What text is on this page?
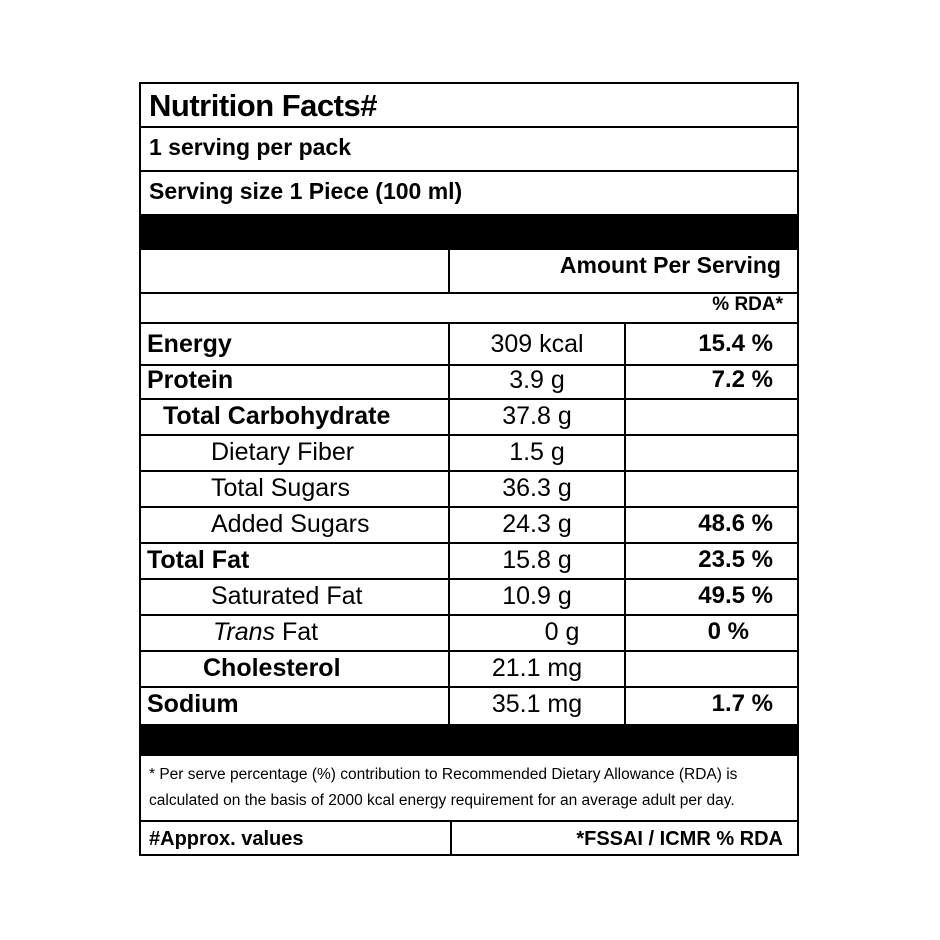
Nutrition Facts#
1 serving per pack
Serving size 1 Piece (100 ml)
Amount Per Serving
% RDA*
Energy	309 kcal	15.4 %
Protein	3.9 g	7.2 %
Total Carbohydrate	37.8 g
Dietary Fiber	1.5 g
Total Sugars	36.3 g
Added Sugars	24.3 g	48.6 %
Total Fat	15.8 g	23.5 %
Saturated Fat	10.9 g	49.5 %
Trans Fat	0 g	0 %
Cholesterol	21.1 mg
Sodium	35.1 mg	1.7 %
* Per serve percentage (%) contribution to Recommended Dietary Allowance (RDA) is calculated on the basis of 2000 kcal energy requirement for an average adult per day.
#Approx. values	*FSSAI / ICMR % RDA
